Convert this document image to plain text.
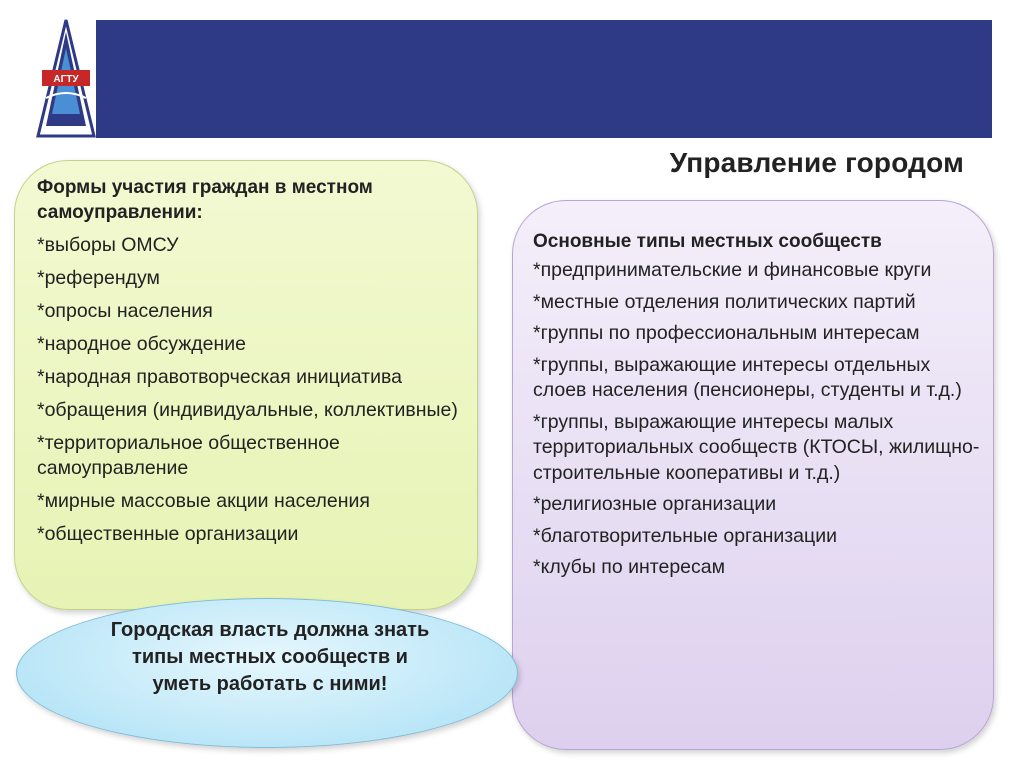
АГТУ
Управление городом
Формы участия граждан в местном самоуправлении:
*выборы ОМСУ
*референдум
*опросы населения
*народное обсуждение
*народная правотворческая инициатива
*обращения (индивидуальные, коллективные)
*территориальное общественное самоуправление
*мирные массовые акции населения
*общественные организации
Основные типы местных сообществ
*предпринимательские и финансовые круги
*местные отделения политических партий
*группы по профессиональным интересам
*группы, выражающие интересы отдельных слоев населения (пенсионеры, студенты и т.д.)
*группы, выражающие интересы малых территориальных сообществ (КТОСЫ, жилищно-строительные кооперативы и т.д.)
*религиозные организации
*благотворительные организации
*клубы по интересам
Городская власть должна знать типы местных сообществ и уметь работать с ними!
